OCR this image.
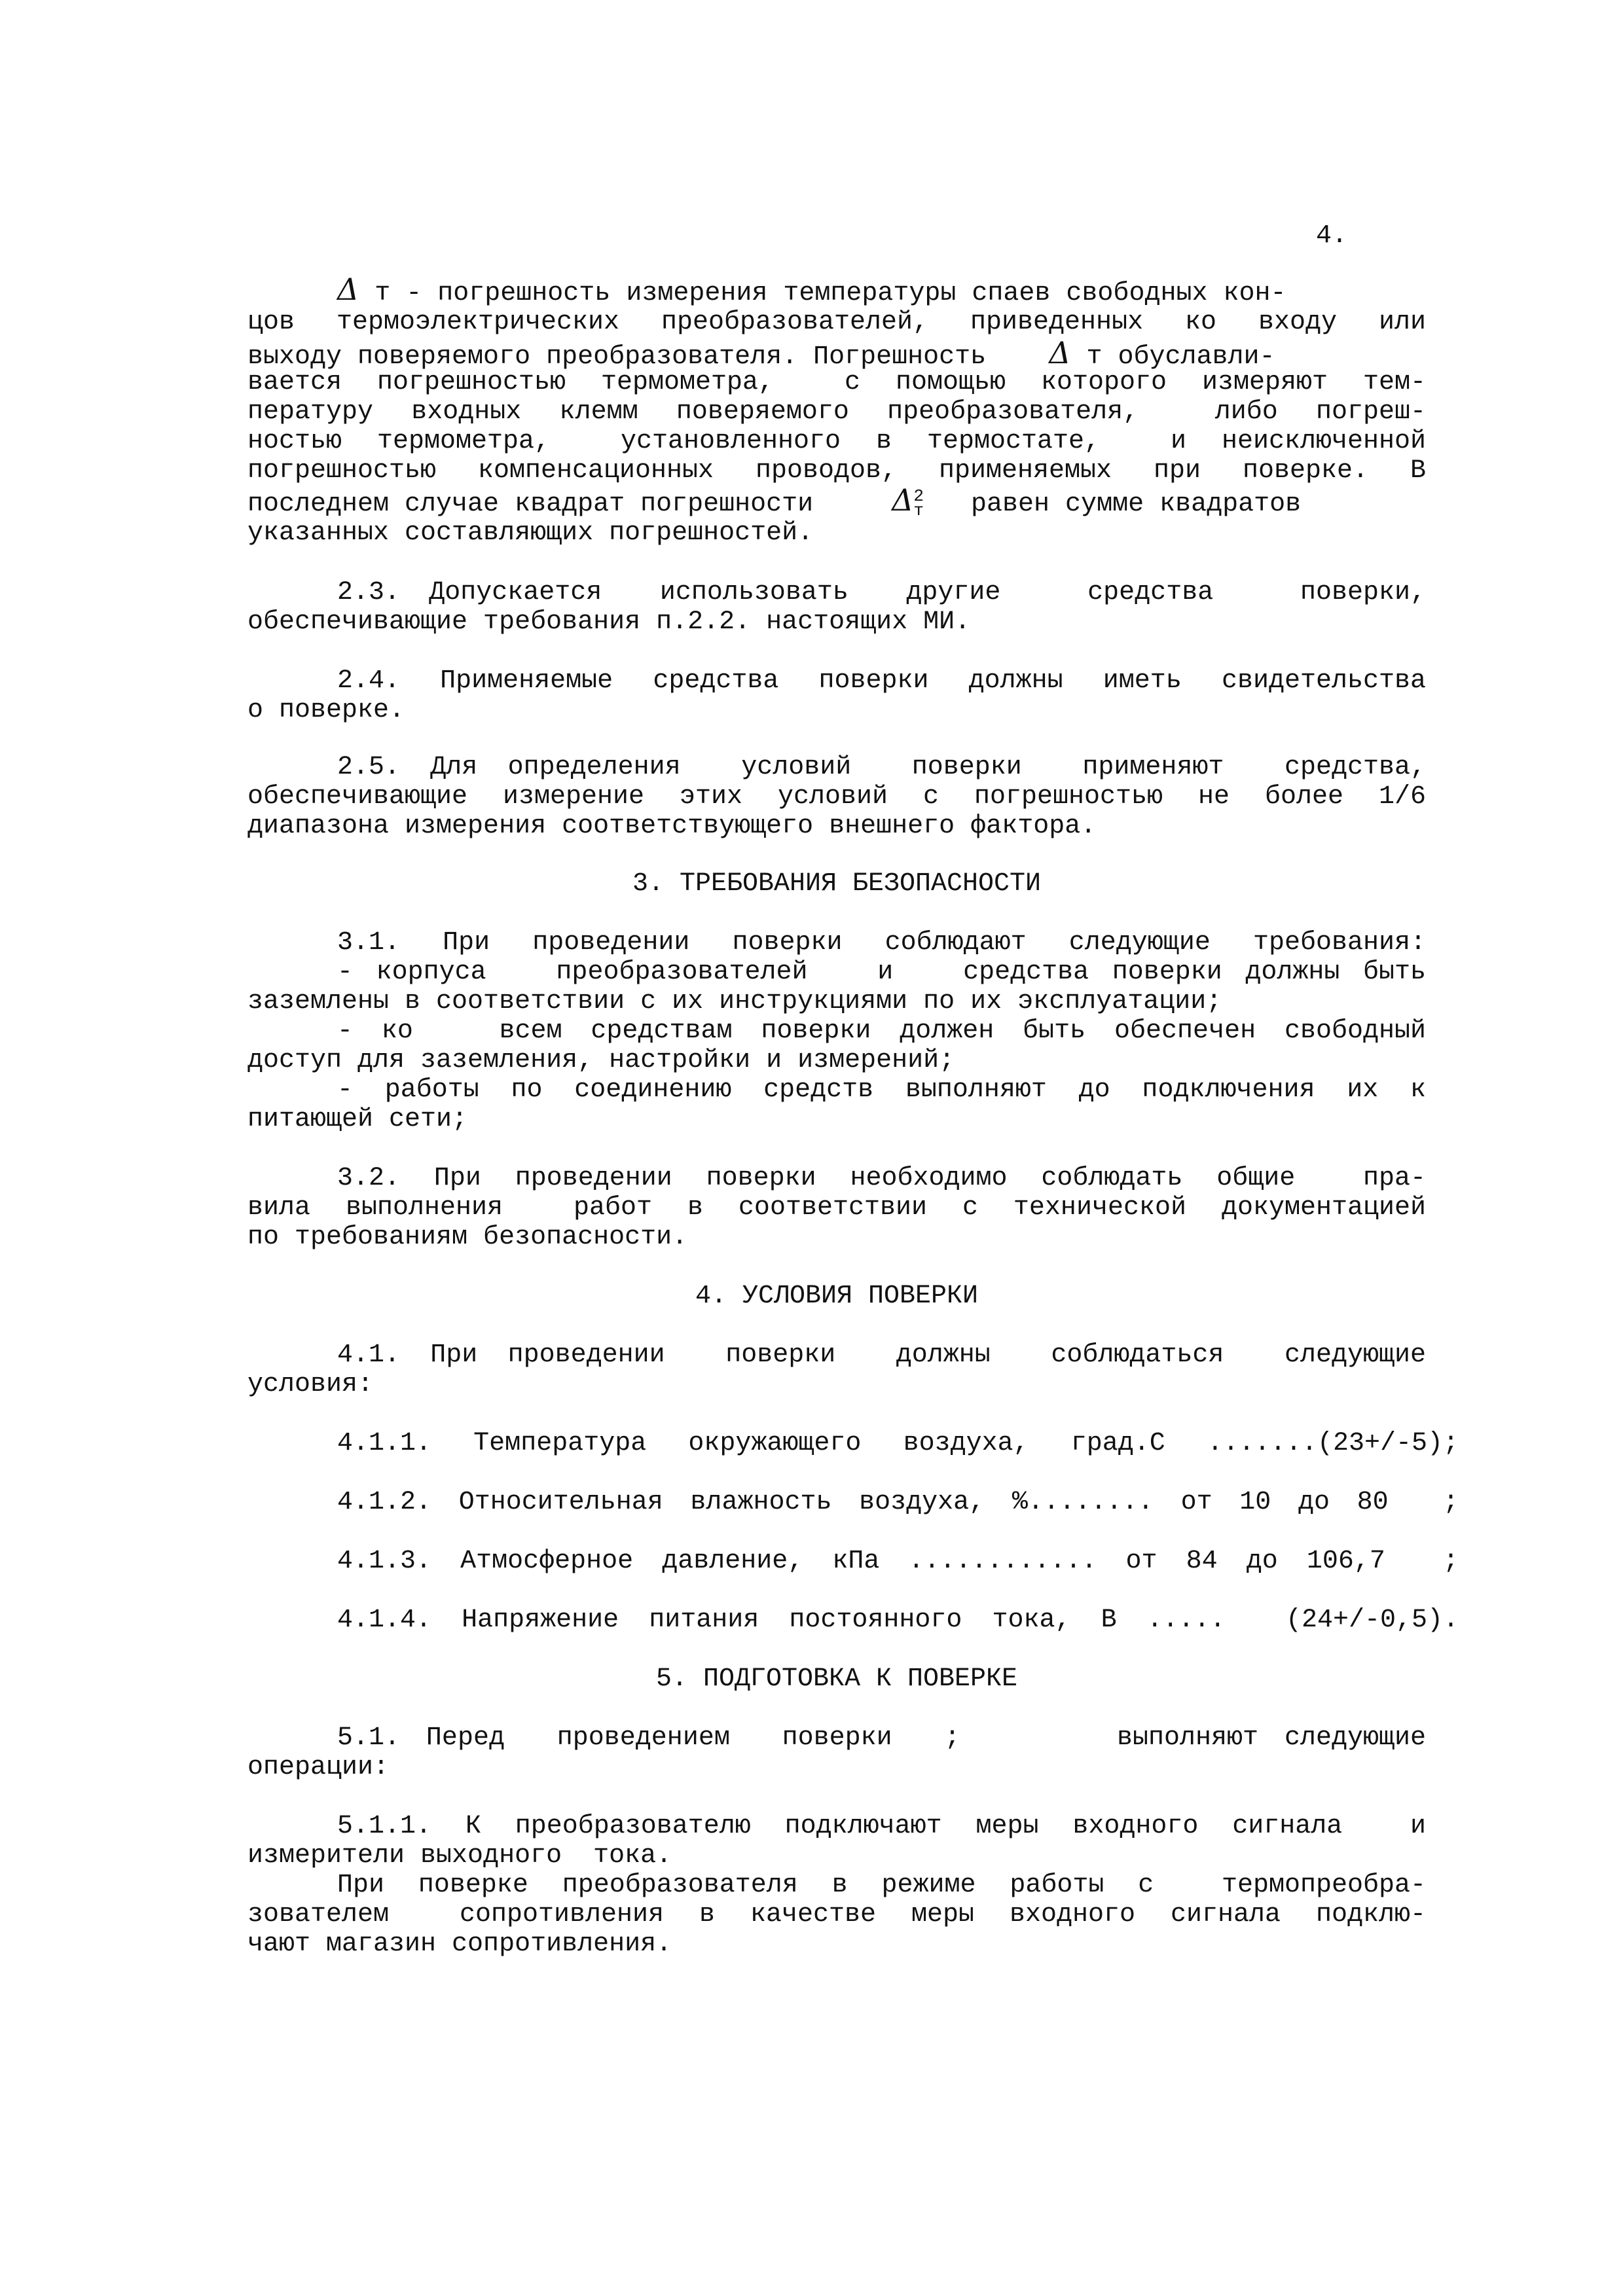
4.
Δ т - погрешность измерения температуры спаев свободных кон-
цов термоэлектрических преобразователей, приведенных ко входу или
выходу поверяемого преобразователя. Погрешность Δ т обуславли-
вается погрешностью термометра,  с помощью которого измеряют тем-
пературу входных клемм поверяемого преобразователя,  либо погреш-
ностью термометра,  установленного в термостате,  и неисключенной
погрешностью компенсационных проводов, применяемых при поверке. В
последнем случае квадрат погрешности	Δ 2
т равен сумме квадратов
указанных составляющих погрешностей.
2.3. Допускается  использовать  другие   средства   поверки,
обеспечивающие требования п.2.2. настоящих МИ.
2.4. Применяемые средства поверки должны иметь свидетельства
о поверке.
2.5. Для определения  условий  поверки  применяют  средства,
обеспечивающие измерение этих условий с погрешностью не более 1/6
диапазона измерения соответствующего внешнего фактора.
3. ТРЕБОВАНИЯ БЕЗОПАСНОСТИ
3.1. При проведении поверки соблюдают следующие требования:
- корпуса   преобразователей   и   средства поверки должны быть
заземлены в соответствии с их инструкциями по их эксплуатации;
- ко   всем средствам поверки должен быть обеспечен свободный
доступ для заземления, настройки и измерений;
- работы по соединению средств выполняют до подключения их к
питающей сети;
3.2. При проведении поверки необходимо соблюдать общие  пра-
вила выполнения  работ в соответствии с технической документацией
по требованиям безопасности.
4. УСЛОВИЯ ПОВЕРКИ
4.1. При проведении  поверки  должны  соблюдаться  следующие
условия:
4.1.1. Температура окружающего воздуха, град.С .......(23+/-5);
4.1.2. Относительная влажность воздуха, %........ от 10 до 80  ;
4.1.3. Атмосферное давление, кПа ............ от 84 до 106,7  ;
4.1.4. Напряжение питания постоянного тока, В .....  (24+/-0,5).
5. ПОДГОТОВКА К ПОВЕРКЕ
5.1. Перед  проведением  поверки  ;      выполняют следующие
операции:
5.1.1. К преобразователю подключают меры входного сигнала  и
измерители выходного  тока.
При поверке преобразователя в режиме работы с  термопреобра-
зователем  сопротивления в качестве меры входного сигнала подклю-
чают магазин сопротивления.
